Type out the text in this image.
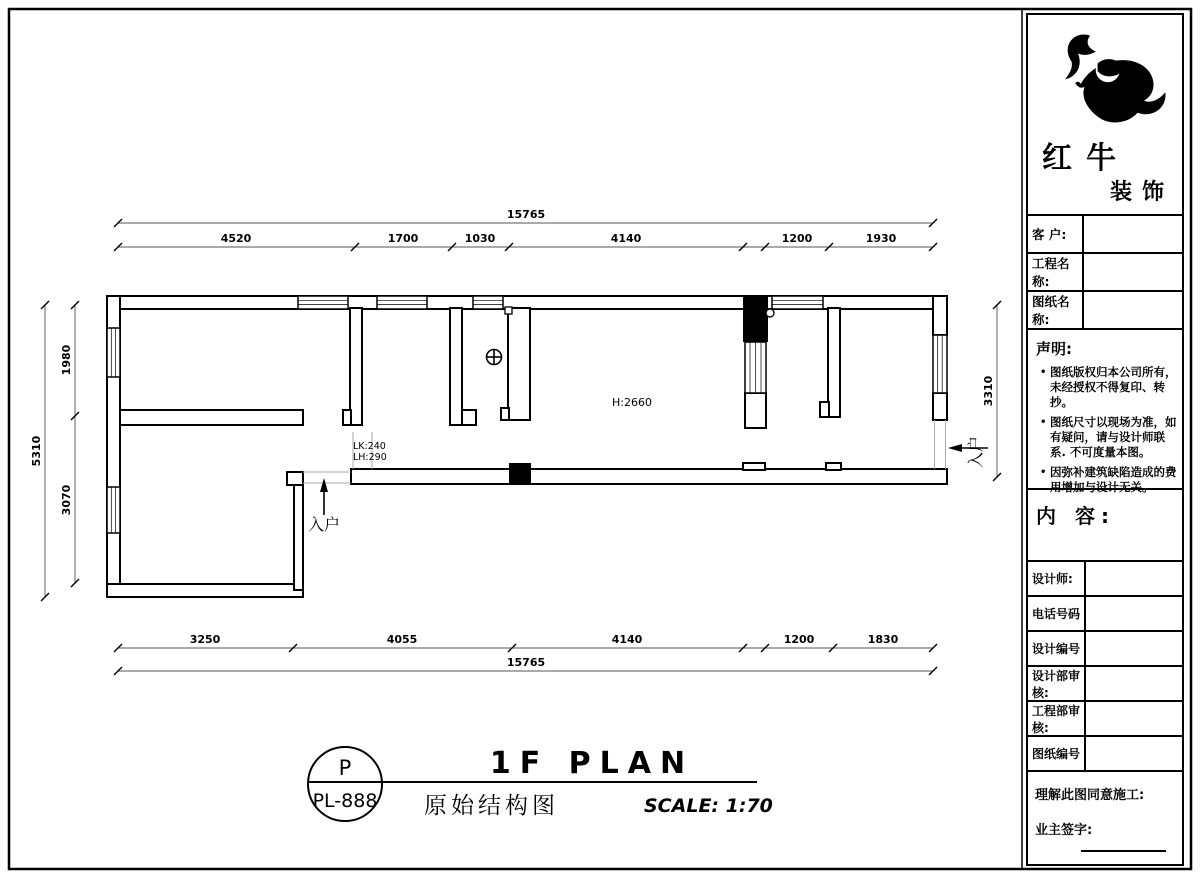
15765
4520	1700	1030	4140	1200	1930
3250	4055	4140	1200	1830
15765
5310
1980
3070
3310
H:2660
LK:240
LH:290
入户
入户
P
PL-888
1F PLAN
原始结构图	SCALE: 1:70
红牛
装饰
客 户:
工程名称:
图纸名称:
声明:
• 图纸版权归本公司所有，未经授权不得复印、转抄。
• 图纸尺寸以现场为准，如有疑问，请与设计师联系. 不可度量本图。
• 因弥补建筑缺陷造成的费用增加与设计无关。
内 容:
设计师:
电话号码
设计编号
设计部审核:
工程部审核:
图纸编号
理解此图同意施工:
业主签字:
